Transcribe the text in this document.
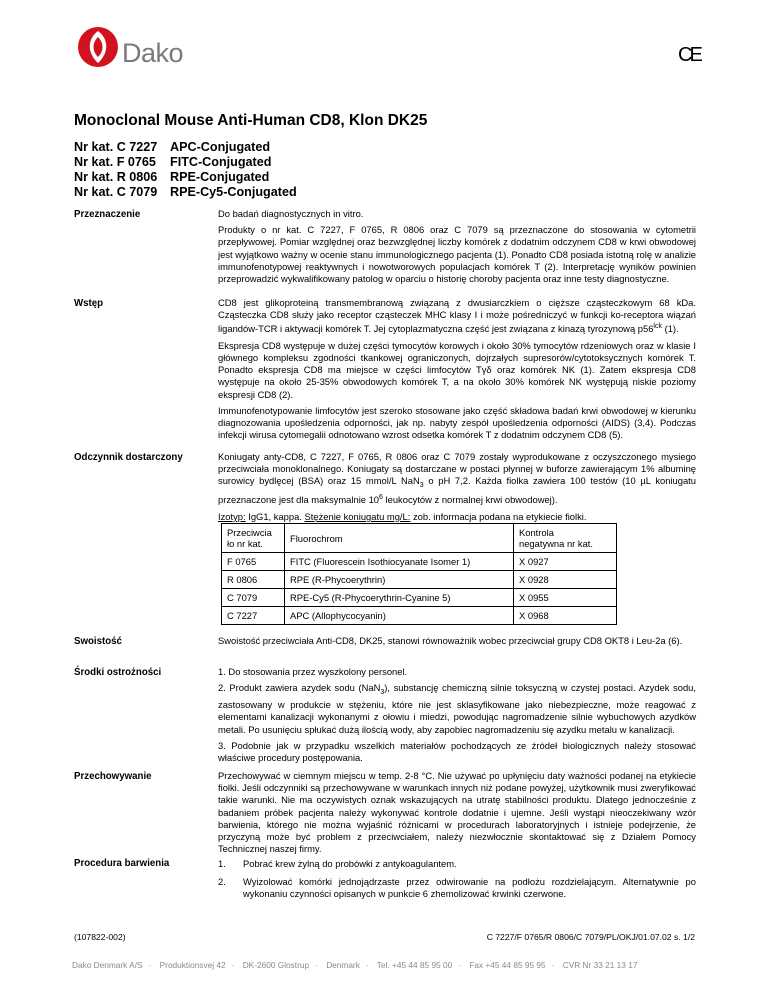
Dako	CE
Monoclonal Mouse Anti-Human CD8, Klon DK25
Nr kat. C 7227 APC-Conjugated
Nr kat. F 0765 FITC-Conjugated
Nr kat. R 0806 RPE-Conjugated
Nr kat. C 7079 RPE-Cy5-Conjugated
Przeznaczenie	Do badań diagnostycznych in vitro.

Produkty o nr kat. C 7227, F 0765, R 0806 oraz C 7079 są przeznaczone do stosowania w cytometrii przepływowej. Pomiar względnej oraz bezwzględnej liczby komórek z dodatnim odczynem CD8 w krwi obwodowej jest wyjątkowo ważny w ocenie stanu immunologicznego pacjenta (1). Ponadto CD8 posiada istotną rolę w analizie immunofenotypowej reaktywnych i nowotworowych populacjach komórek T (2). Interpretację wyników powinien przeprowadzić wykwalifikowany patolog w oparciu o historię choroby pacjenta oraz inne testy diagnostyczne.

Wstęp	CD8 jest glikoproteiną transmembranową związaną z dwusiarczkiem o cięższe cząsteczkowym 68 kDa. Cząsteczka CD8 służy jako receptor cząsteczek MHC klasy I i może pośredniczyć w funkcji ko-receptora wiązań ligandów-TCR i aktywacji komórek T. Jej cytoplazmatyczna część jest związana z kinazą tyrozynową $p56^{lck}$ (1).

Ekspresja CD8 występuje w dużej części tymocytów korowych i około 30% tymocytów rdzeniowych oraz w klasie I głównego kompleksu zgodności tkankowej ograniczonych, dojrzałych supresorów/cytotoksycznych komórek T. Ponadto ekspresja CD8 ma miejsce w części limfocytów Tγδ oraz komórek NK (1). Zatem ekspresja CD8 występuje na około 25-35% obwodowych komórek T, a na około 30% komórek NK występują niskie poziomy ekspresji CD8 (2).

Immunofenotypowanie limfocytów jest szeroko stosowane jako część składowa badań krwi obwodowej w kierunku diagnozowania upośledzenia odporności, jak np. nabyty zespół upośledzenia odporności (AIDS) (3,4). Podczas infekcji wirusa cytomegalii odnotowano wzrost odsetka komórek T z dodatnim odczynem CD8 (5).

Odczynnik dostarczony	Koniugaty anty-CD8, C 7227, F 0765, R 0806 oraz C 7079 zostały wyprodukowane z oczyszczonego mysiego przeciwciała monoklonalnego. Koniugaty są dostarczane w postaci płynnej w buforze zawierającym 1% albuminę surowicy bydlęcej (BSA) oraz 15 mmol/L NaN$_3$ o pH 7,2. Każda fiolka zawiera 100 testów (10 µL koniugatu przeznaczone jest dla maksymalnie $10^6$ leukocytów z normalnej krwi obwodowej).

Izotyp: IgG1, kappa. Stężenie koniugatu mg/L: zob. informacja podana na etykiecie fiolki.

Przeciwcia
ło nr kat.	Fluorochrom	Kontrola
negatywna nr kat.
F 0765	FITC (Fluorescein Isothiocyanate Isomer 1)	X 0927
R 0806	RPE (R-Phycoerythrin)	X 0928
C 7079	RPE-Cy5 (R-Phycoerythrin-Cyanine 5)	X 0955
C 7227	APC (Allophycocyanin)	X 0968
Swoistość	Swoistość przeciwciała Anti-CD8, DK25, stanowi równoważnik wobec przeciwciał grupy CD8 OKT8 i Leu-2a (6).

Środki ostrożności	1. Do stosowania przez wyszkolony personel.

2. Produkt zawiera azydek sodu (NaN$_3$), substancję chemiczną silnie toksyczną w czystej postaci. Azydek sodu, zastosowany w produkcie w stężeniu, które nie jest sklasyfikowane jako niebezpieczne, może reagować z elementami kanalizacji wykonanymi z ołowiu i miedzi, powodując nagromadzenie silnie wybuchowych azydków metali. Po usunięciu spłukać dużą ilością wody, aby zapobiec nagromadzeniu się azydku metalu w kanalizacji.

3. Podobnie jak w przypadku wszelkich materiałów pochodzących ze źródeł biologicznych należy stosować właściwe procedury postępowania.

Przechowywanie	Przechowywać w ciemnym miejscu w temp. 2-8 °C. Nie używać po upłynięciu daty ważności podanej na etykiecie fiolki. Jeśli odczynniki są przechowywane w warunkach innych niż podane powyżej, użytkownik musi zweryfikować takie warunki. Nie ma oczywistych oznak wskazujących na utratę stabilności produktu. Dlatego jednocześnie z badaniem próbek pacjenta należy wykonywać kontrole dodatnie i ujemne. Jeśli wystąpi nieoczekiwany wzór barwienia, którego nie można wyjaśnić różnicami w procedurach laboratoryjnych i istnieje podejrzenie, że przyczyną może być problem z przeciwciałem, należy niezwłocznie skontaktować się z Działem Pomocy Technicznej naszej firmy.

Procedura barwienia	1. Pobrać krew żylną do probówki z antykoagulantem.
2. Wyizolować komórki jednojądrzaste przez odwirowanie na podłożu rozdzielającym. Alternatywnie po wykonaniu czynności opisanych w punkcie 6 zhemolizować krwinki czerwone.
(107822-002)	C 7227/F 0765/R 0806/C 7079/PL/OKJ/01.07.02 s. 1/2
Dako Denmark A/S · Produktionsvej 42 · DK-2600 Glostrup · Denmark · Tel. +45 44 85 95 00 · Fax +45 44 85 95 95 · CVR Nr 33 21 13 17
